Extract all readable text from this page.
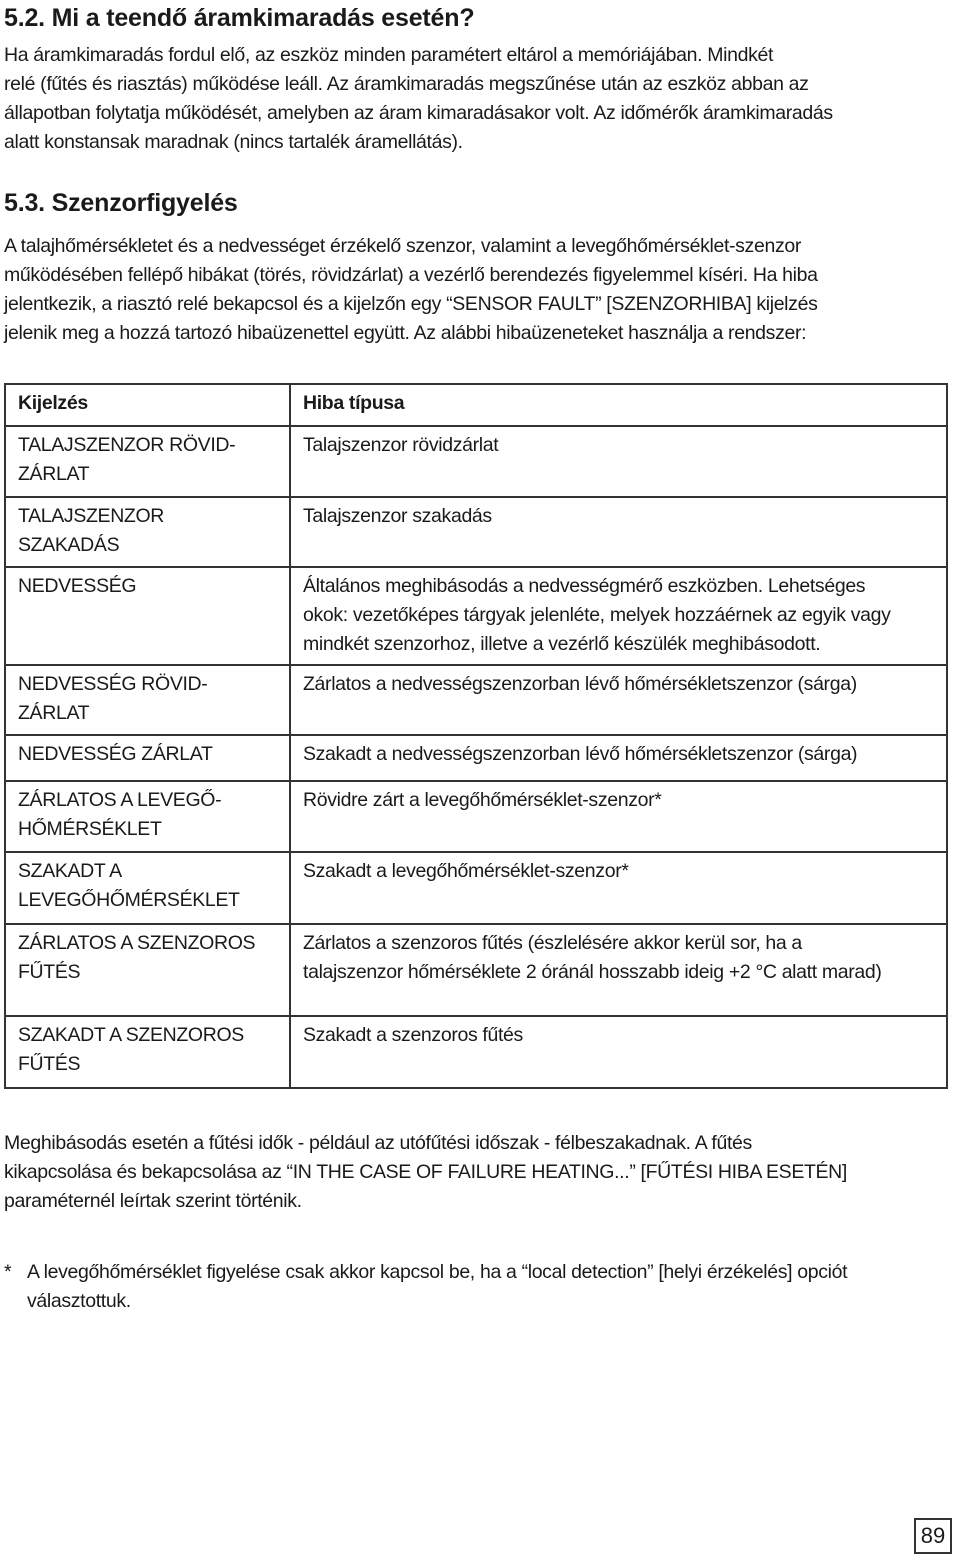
5.2. Mi a teendő áramkimaradás esetén?

Ha áramkimaradás fordul elő, az eszköz minden paramétert eltárol a memóriájában. Mindkét
relé (fűtés és riasztás) működése leáll. Az áramkimaradás megszűnése után az eszköz abban az
állapotban folytatja működését, amelyben az áram kimaradásakor volt. Az időmérők áramkimaradás
alatt konstansak maradnak (nincs tartalék áramellátás).

5.3. Szenzorfigyelés

A talajhőmérsékletet és a nedvességet érzékelő szenzor, valamint a levegőhőmérséklet-szenzor
működésében fellépő hibákat (törés, rövidzárlat) a vezérlő berendezés figyelemmel kíséri. Ha hiba
jelentkezik, a riasztó relé bekapcsol és a kijelzőn egy “SENSOR FAULT” [SZENZORHIBA] kijelzés
jelenik meg a hozzá tartozó hibaüzenettel együtt. Az alábbi hibaüzeneteket használja a rendszer:

Kijelzés	Hiba típusa

TALAJSZENZOR RÖVID-
ZÁRLAT	Talajszenzor rövidzárlat

TALAJSZENZOR
SZAKADÁS	Talajszenzor szakadás

NEDVESSÉG	Általános meghibásodás a nedvességmérő eszközben. Lehetséges
okok: vezetőképes tárgyak jelenléte, melyek hozzáérnek az egyik vagy
mindkét szenzorhoz, illetve a vezérlő készülék meghibásodott.

NEDVESSÉG RÖVID-
ZÁRLAT	Zárlatos a nedvességszenzorban lévő hőmérsékletszenzor (sárga)

NEDVESSÉG ZÁRLAT	Szakadt a nedvességszenzorban lévő hőmérsékletszenzor (sárga)

ZÁRLATOS A LEVEGŐ-
HŐMÉRSÉKLET	Rövidre zárt a levegőhőmérséklet-szenzor*

SZAKADT A
LEVEGŐHŐMÉRSÉKLET	Szakadt a levegőhőmérséklet-szenzor*

ZÁRLATOS A SZENZOROS
FŰTÉS	Zárlatos a szenzoros fűtés (észlelésére akkor kerül sor, ha a
talajszenzor hőmérséklete 2 óránál hosszabb ideig +2 °C alatt marad)

SZAKADT A SZENZOROS
FŰTÉS	Szakadt a szenzoros fűtés

Meghibásodás esetén a fűtési idők - például az utófűtési időszak - félbeszakadnak. A fűtés
kikapcsolása és bekapcsolása az “IN THE CASE OF FAILURE HEATING...” [FŰTÉSI HIBA ESETÉN]
paraméternél leírtak szerint történik.

* A levegőhőmérséklet figyelése csak akkor kapcsol be, ha a “local detection” [helyi érzékelés] opciót
választottuk.

89
